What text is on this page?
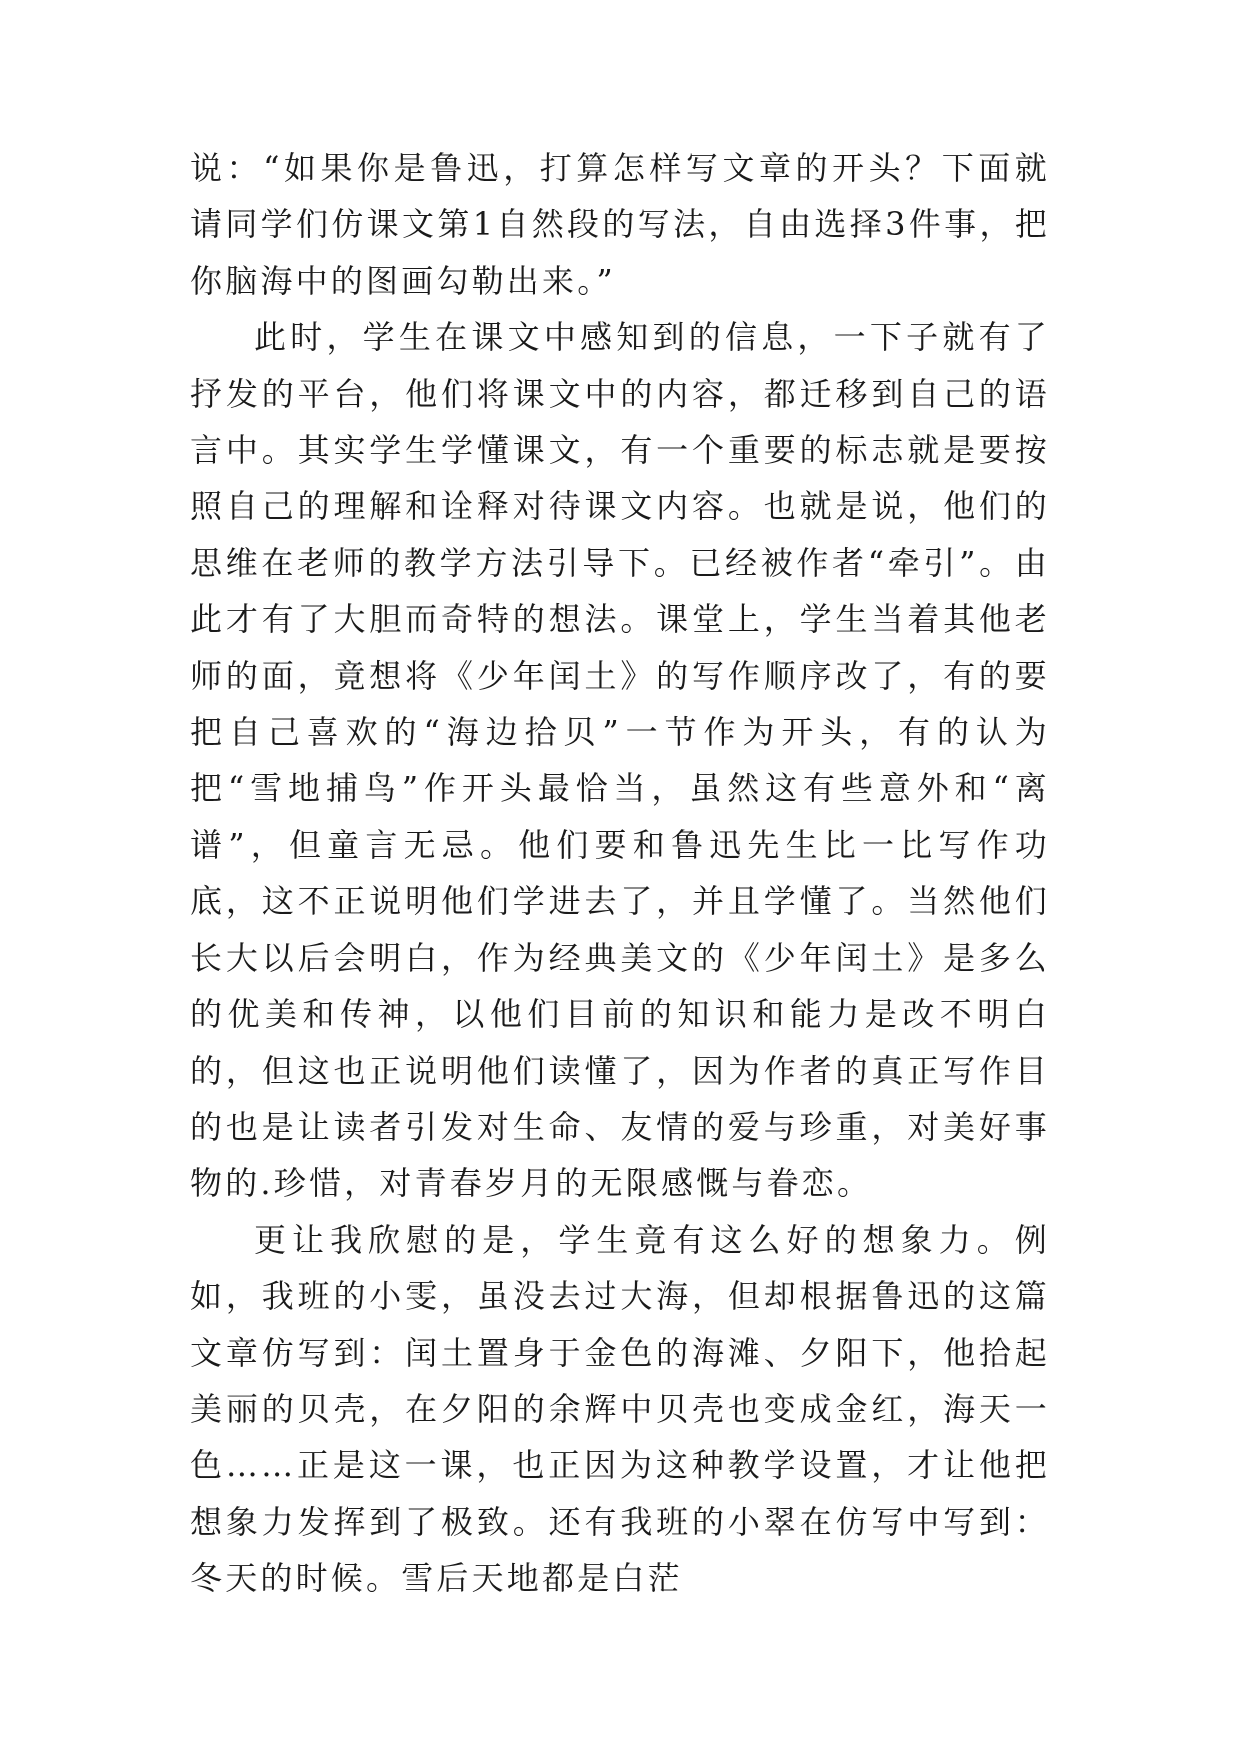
说：“如果你是鲁迅，打算怎样写文章的开头？下面就请同学们仿课文第1自然段的写法，自由选择3件事，把你脑海中的图画勾勒出来。”

此时，学生在课文中感知到的信息，一下子就有了抒发的平台，他们将课文中的内容，都迁移到自己的语言中。其实学生学懂课文，有一个重要的标志就是要按照自己的理解和诠释对待课文内容。也就是说，他们的思维在老师的教学方法引导下。已经被作者“牵引”。由此才有了大胆而奇特的想法。课堂上，学生当着其他老师的面，竟想将《少年闰土》的写作顺序改了，有的要把自己喜欢的“海边拾贝”一节作为开头，有的认为把“雪地捕鸟”作开头最恰当，虽然这有些意外和“离谱”，但童言无忌。他们要和鲁迅先生比一比写作功底，这不正说明他们学进去了，并且学懂了。当然他们长大以后会明白，作为经典美文的《少年闰土》是多么的优美和传神，以他们目前的知识和能力是改不明白的，但这也正说明他们读懂了，因为作者的真正写作目的也是让读者引发对生命、友情的爱与珍重，对美好事物的.珍惜，对青春岁月的无限感慨与眷恋。

更让我欣慰的是，学生竟有这么好的想象力。例如，我班的小雯，虽没去过大海，但却根据鲁迅的这篇文章仿写到：闰土置身于金色的海滩、夕阳下，他拾起美丽的贝壳，在夕阳的余辉中贝壳也变成金红，海天一色……正是这一课，也正因为这种教学设置，才让他把想象力发挥到了极致。还有我班的小翠在仿写中写到：冬天的时候。雪后天地都是白茫
